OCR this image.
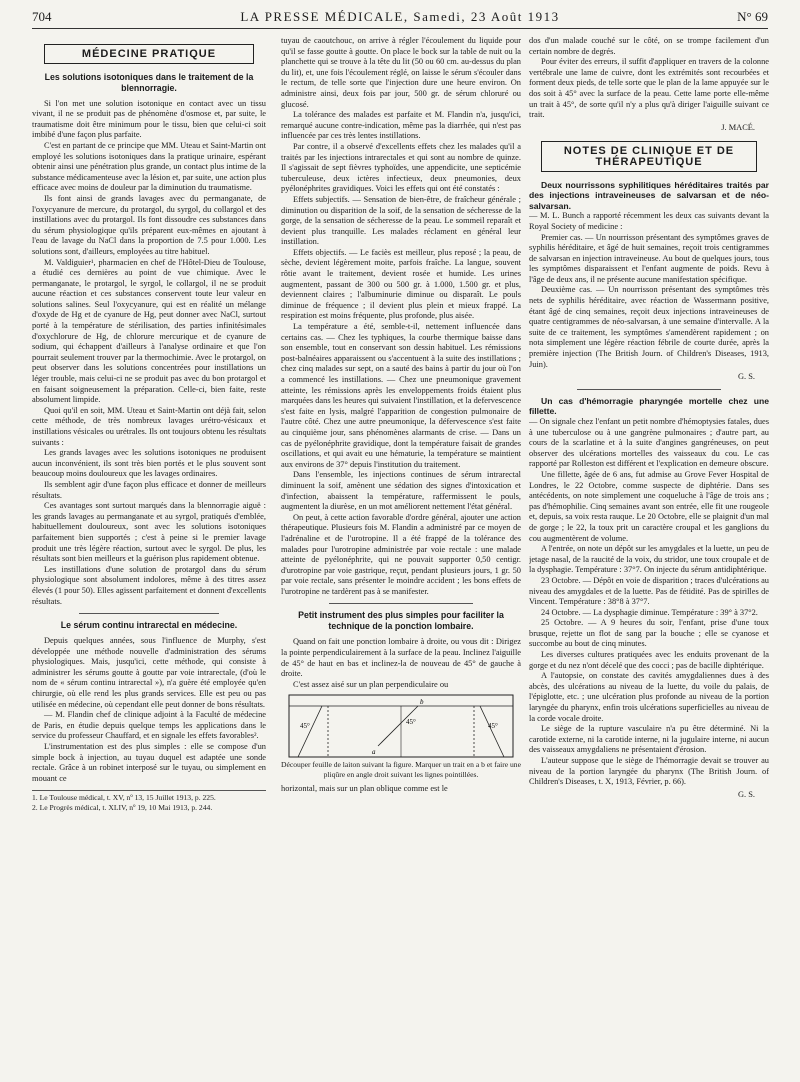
704	LA PRESSE MÉDICALE, Samedi, 23 Août 1913	N° 69
MÉDECINE PRATIQUE
Les solutions isotoniques dans le traitement de la blennorragie.

Si l'on met une solution isotonique en contact avec un tissu vivant, il ne se produit pas de phénomène d'osmose et, par suite, le traumatisme doit être minimum pour le tissu, bien que celui-ci soit imbibé d'une façon plus parfaite.

C'est en partant de ce principe que MM. Uteau et Saint-Martin ont employé les solutions isotoniques dans la pratique urinaire, espérant obtenir ainsi une pénétration plus grande, un contact plus intime de la substance médicamenteuse avec la lésion et, par suite, une action plus efficace avec moins de douleur par la diminution du traumatisme.

Ils font ainsi de grands lavages avec du permanganate, de l'oxycyanure de mercure, du protargol, du syrgol, du collargol et des instillations avec du protargol. Ils font dissoudre ces substances dans du sérum physiologique qu'ils préparent eux-mêmes en ajoutant à l'eau de lavage du NaCl dans la proportion de 7.5 pour 1.000. Les solutions sont, d'ailleurs, employées au titre habituel.

M. Valdiguier¹, pharmacien en chef de l'Hôtel-Dieu de Toulouse, a étudié ces dernières au point de vue chimique. Avec le permanganate, le protargol, le syrgol, le collargol, il ne se produit aucune réaction et ces substances conservent toute leur valeur en solutions salines. Seul l'oxycyanure, qui est en réalité un mélange d'oxyde de Hg et de cyanure de Hg, peut donner avec NaCl, surtout porté à la température de stérilisation, des parties infinitésimales d'oxychlorure de Hg, de chlorure mercurique et de cyanure de sodium, qui échappent d'ailleurs à l'analyse ordinaire et que l'on pourrait seulement trouver par la thermochimie. Avec le protargol, on peut observer dans les solutions concentrées pour instillations un léger trouble, mais celui-ci ne se produit pas avec du bon protargol et en faisant soigneusement la préparation. Celle-ci, bien faite, reste absolument limpide.

Quoi qu'il en soit, MM. Uteau et Saint-Martin ont déjà fait, selon cette méthode, de très nombreux lavages urétro-vésicaux et instillations vésicales ou urétrales. Ils ont toujours obtenu les résultats suivants :

Les grands lavages avec les solutions isotoniques ne produisent aucun inconvénient, ils sont très bien portés et le plus souvent sont beaucoup moins douloureux que les lavages ordinaires.

Ils semblent agir d'une façon plus efficace et donner de meilleurs résultats.

Ces avantages sont surtout marqués dans la blennorragie aiguë : les grands lavages au permanganate et au syrgol, pratiqués d'emblée, habituellement douloureux, sont avec les solutions isotoniques parfaitement bien supportés ; c'est à peine si le premier lavage produit une très légère réaction, surtout avec le syrgol. De plus, les résultats sont bien meilleurs et la guérison plus rapidement obtenue.

Les instillations d'une solution de protargol dans du sérum physiologique sont absolument indolores, même à des titres assez élevés (1 pour 50). Elles agissent parfaitement et donnent d'excellents résultats.

Le sérum continu intrarectal en médecine.

Depuis quelques années, sous l'influence de Murphy, s'est développée une méthode nouvelle d'administration des sérums physiologiques. Mais, jusqu'ici, cette méthode, qui consiste à administrer les sérums goutte à goutte par voie intrarectale, (d'où le nom de « sérum continu intrarectal »), n'a guère été employée qu'en chirurgie, où elle rend les plus grands services. Elle est peu ou pas utilisée en médecine, où cependant elle peut donner de bons résultats.

— M. Flandin chef de clinique adjoint à la Faculté de médecine de Paris, en étudie depuis quelque temps les applications dans le service du professeur Chauffard, et en signale les effets favorables².

L'instrumentation est des plus simples : elle se compose d'un simple bock à injection, au tuyau duquel est adaptée une sonde rectale. Grâce à un robinet interposé sur le tuyau, ou simplement en mouant ce

1. Le Toulouse médical, t. XV, nº 13, 15 Juillet 1913, p. 225.
2. Le Progrès médical, t. XLIV, nº 19, 10 Mai 1913, p. 244.

tuyau de caoutchouc, on arrive à régler l'écoulement du liquide pour qu'il se fasse goutte à goutte. On place le bock sur la table de nuit ou la planchette qui se trouve à la tête du lit (50 ou 60 cm. au-dessus du plan du lit), et, une fois l'écoulement réglé, on laisse le sérum s'écouler dans le rectum, de telle sorte que l'injection dure une heure environ. On administre ainsi, deux fois par jour, 500 gr. de sérum chloruré ou glucosé.

La tolérance des malades est parfaite et M. Flandin n'a, jusqu'ici, remarqué aucune contre-indication, même pas la diarrhée, qui n'est pas influencée par ces très lentes instillations.

Par contre, il a observé d'excellents effets chez les malades qu'il a traités par les injections intrarectales et qui sont au nombre de quinze. Il s'agissait de sept fièvres typhoïdes, une appendicite, une septicémie tuberculeuse, deux ictères infectieux, deux pneumonies, deux pyélonéphrites gravidiques. Voici les effets qui ont été constatés :

Effets subjectifs. — Sensation de bien-être, de fraîcheur générale ; diminution ou disparition de la soif, de la sensation de sécheresse de la gorge, de la sensation de sécheresse de la peau. Le sommeil reparaît et devient plus tranquille. Les malades réclament en général leur instillation.

Effets objectifs. — Le faciès est meilleur, plus reposé ; la peau, de sèche, devient légèrement moite, parfois fraîche. La langue, souvent rôtie avant le traitement, devient rosée et humide. Les urines augmentent, passant de 300 ou 500 gr. à 1.000, 1.500 gr. et plus, deviennent claires ; l'albuminurie diminue ou disparaît. Le pouls diminue de fréquence ; il devient plus plein et mieux frappé. La respiration est moins fréquente, plus profonde, plus aisée.

La température a été, semble-t-il, nettement influencée dans certains cas. — Chez les typhiques, la courbe thermique baisse dans son ensemble, tout en conservant son dessin habituel. Les rémissions post-balnéaires apparaissent ou s'accentuent à la suite des instillations ; chez cinq malades sur sept, on a sauté des bains à partir du jour où l'on a commencé les instillations. — Chez une pneumonique gravement atteinte, les rémissions après les enveloppements froids étaient plus marquées dans les heures qui suivaient l'instillation, et la defervescence s'est faite en lysis, malgré l'apparition de congestion pulmonaire de l'autre côté. Chez une autre pneumonique, la défervescence s'est faite au cinquième jour, sans phénomènes alarmants de crise. — Dans un cas de pyélonéphrite gravidique, dont la température faisait de grandes oscillations, et qui avait eu une hématurie, la température se maintient aux environs de 37° depuis l'institution du traitement.

Dans l'ensemble, les injections continues de sérum intrarectal diminuent la soif, amènent une sédation des signes d'intoxication et d'infection, abaissent la température, raffermissent le pouls, augmentent la diurèse, en un mot améliorent nettement l'état général.

On peut, à cette action favorable d'ordre général, ajouter une action thérapeutique. Plusieurs fois M. Flandin a administré par ce moyen de l'adrénaline et de l'urotropine. Il a été frappé de la tolérance des malades pour l'urotropine administrée par voie rectale : une malade atteinte de pyélonéphrite, qui ne pouvait supporter 0,50 centigr. d'urotropine par voie gastrique, reçut, pendant plusieurs jours, 1 gr. 50 par voie rectale, sans présenter le moindre accident ; les bons effets de l'urotropine ne tardèrent pas à se manifester.

Petit instrument des plus simples pour faciliter la technique de la ponction lombaire.

Quand on fait une ponction lombaire à droite, ou vous dit : Dirigez la pointe perpendiculairement à la surface de la peau. Inclinez l'aiguille de 45° de haut en bas et inclinez-la de nouveau de 45° de gauche à droite.

C'est assez aisé sur un plan perpendiculaire ou

45°	45°	45°
a
b
Découper feuille de laiton suivant la figure. Marquer un trait en a b et faire une pliqûre en angle droit suivant les lignes pointillées.

horizontal, mais sur un plan oblique comme est le

dos d'un malade couché sur le côté, on se trompe facilement d'un certain nombre de degrés.

Pour éviter des erreurs, il suffit d'appliquer en travers de la colonne vertébrale une lame de cuivre, dont les extrémités sont recourbées et forment deux pieds, de telle sorte que le plan de la lame appuyée sur le dos soit à 45° avec la surface de la peau. Cette lame porte elle-même un trait à 45°, de sorte qu'il n'y a plus qu'à diriger l'aiguille suivant ce trait.

J. MACÉ.
NOTES DE CLINIQUE ET DE THÉRAPEUTIQUE

Deux nourrissons syphilitiques héréditaires traités par des injections intraveineuses de salvarsan et de néo-salvarsan.

— M. L. Bunch a rapporté récemment les deux cas suivants devant la Royal Society of medicine :

Premier cas. — Un nourrisson présentant des symptômes graves de syphilis héréditaire, et âgé de huit semaines, reçoit trois centigrammes de salvarsan en injection intraveineuse. Au bout de quelques jours, tous les symptômes disparaissent et l'enfant augmente de poids. Revu à l'âge de deux ans, il ne présente aucune manifestation spécifique.

Deuxième cas. — Un nourrisson présentant des symptômes très nets de syphilis héréditaire, avec réaction de Wassermann positive, étant âgé de cinq semaines, reçoit deux injections intraveineuses de quatre centigrammes de néo-salvarsan, à une semaine d'intervalle. A la suite de ce traitement, les symptômes s'amendèrent rapidement ; on nota simplement une légère réaction fébrile de courte durée, après la première injection (The British Journ. of Children's Diseases, 1913, Juin).

G. S.

Un cas d'hémorragie pharyngée mortelle chez une fillette.

— On signale chez l'enfant un petit nombre d'hémoptysies fatales, dues à une tuberculose ou à une gangrène pulmonaires ; d'autre part, au cours de la scarlatine et à la suite d'angines gangréneuses, on peut observer des ulcérations mortelles des vaisseaux du cou. Le cas rapporté par Rolleston est différent et l'explication en demeure obscure.

Une fillette, âgée de 6 ans, fut admise au Grove Fever Hospital de Londres, le 22 Octobre, comme suspecte de diphtérie. Dans ses antécédents, on note simplement une coqueluche à l'âge de trois ans ; pas d'hémophilie. Cinq semaines avant son entrée, elle fit une rougeole et, depuis, sa voix resta rauque. Le 20 Octobre, elle se plaignit d'un mal de gorge ; le 22, la toux prit un caractère croupal et les ganglions du cou augmentèrent de volume.

A l'entrée, on note un dépôt sur les amygdales et la luette, un peu de jetage nasal, de la raucité de la voix, du stridor, une toux croupale et de la dysphagie. Température : 37°7. On injecte du sérum antidiphtérique.

23 Octobre. — Dépôt en voie de disparition ; traces d'ulcérations au niveau des amygdales et de la luette. Pas de fétidité. Pas de spirilles de Vincent. Température : 38°8 à 37°7.

24 Octobre. — La dysphagie diminue. Température : 39° à 37°2.

25 Octobre. — A 9 heures du soir, l'enfant, prise d'une toux brusque, rejette un flot de sang par la bouche ; elle se cyanose et succombe au bout de cinq minutes.

Les diverses cultures pratiquées avec les enduits provenant de la gorge et du nez n'ont décelé que des cocci ; pas de bacille diphtérique.

A l'autopsie, on constate des cavités amygdaliennes dues à des abcès, des ulcérations au niveau de la luette, du voile du palais, de l'épiglotte, etc. ; une ulcération plus profonde au niveau de la portion laryngée du pharynx, enfin trois ulcérations superficielles au niveau de la corde vocale droite.

Le siège de la rupture vasculaire n'a pu être déterminé. Ni la carotide externe, ni la carotide interne, ni la jugulaire interne, ni aucun des vaisseaux amygdaliens ne présentaient d'érosion.

L'auteur suppose que le siège de l'hémorragie devait se trouver au niveau de la portion laryngée du pharynx (The British Journ. of Children's Diseases, t. X, 1913, Février, p. 66).

G. S.
